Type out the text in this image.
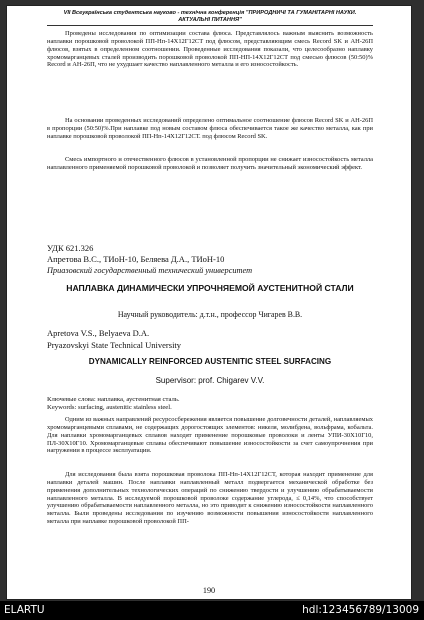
VII Всеукраїнська студентська науково - технічна конференція "ПРИРОДНИЧІ ТА ГУМАНІТАРНІ НАУКИ. АКТУАЛЬНІ ПИТАННЯ"

Проведены исследования по оптимизации состава флюса. Представлялось важным выяснить возможность наплавки порошковой проволокой ПП-Нп-14Х12Г12СТ под флюсом, представляющим смесь Record SK и АН-26П флюсов, взятых в определенном соотношении. Проведенные исследования показали, что целесообразно наплавку хромомарганцевых сталей производить порошковой проволокой ПП-НП-14Х12Г12СТ под смесью флюсов (50:50)% Record и АН-26П, что не ухудшает качество наплавленного металла и его износостойкость.

На основании проведенных исследований определено оптимальное соотношение флюсов Record SK и АН-26П в пропорции (50:50)%.При наплавке под новым составом флюса обеспечивается такое же качество металла, как при наплавке порошковой проволокой ПП-Нп-14Х12Г12СТ. под флюсом Record SK.

Смесь импортного и отечественного флюсов в установленной пропорции не снижает износостойкость металла наплавленного применяемой порошковой проволокой и позволяет получить значительный экономический эффект.

УДК 621.326
Апретова В.С., ТИоН-10, Беляева Д.А., ТИоН-10
Приазовский государственный технический университет
НАПЛАВКА ДИНАМИЧЕСКИ УПРОЧНЯЕМОЙ АУСТЕНИТНОЙ СТАЛИ
Научный руководитель: д.т.н., профессор Чигарев В.В.
Apretova V.S., Belyaeva D.A.
Pryazovskyi State Technical University
DYNAMICALLY REINFORCED AUSTENITIC STEEL SURFACING
Supervisor: prof. Chigarev V.V.
Ключевые слова: наплавка, аустенитная сталь.
Keywords: surfacing, austenitic stainless steel.

Одним из важных направлений ресурсосбережения является повышение долговечности деталей, наплавляемых хромомарганцевыми сплавами, не содержащих дорогостоящих элементов: никеля, молибдена, вольфрама, кобальта. Для наплавки хромомарганцевых сплавов находят применение порошковые проволоки и ленты УПИ-30Х10Г10, ПЛ-30Х10Г10. Хромомарганцевые сплавы обеспечивают повышение износостойкости за счет самоупрочнения при нагружении в процессе эксплуатации.

Для исследования была взята порошковая проволока ПП-Нп-14Х12Г12СТ, которая находит применение для наплавки деталей машин. После наплавки наплавленный металл подвергается механической обработке без применения дополнительных технологических операций по снижению твердости и улучшению обрабатываемости наплавленного металла. В исследуемой порошковой проволоке содержание углерода, ≤ 0,14%, что способствует улучшению обрабатываемости наплавленного металла, но это приводит к снижению износостойкости наплавленного металла. Были проведены исследования по изучению возможности повышения износостойкости наплавленного металла при наплавке порошковой проволокой ПП-

190
ELARTU	hdl:123456789/13009
